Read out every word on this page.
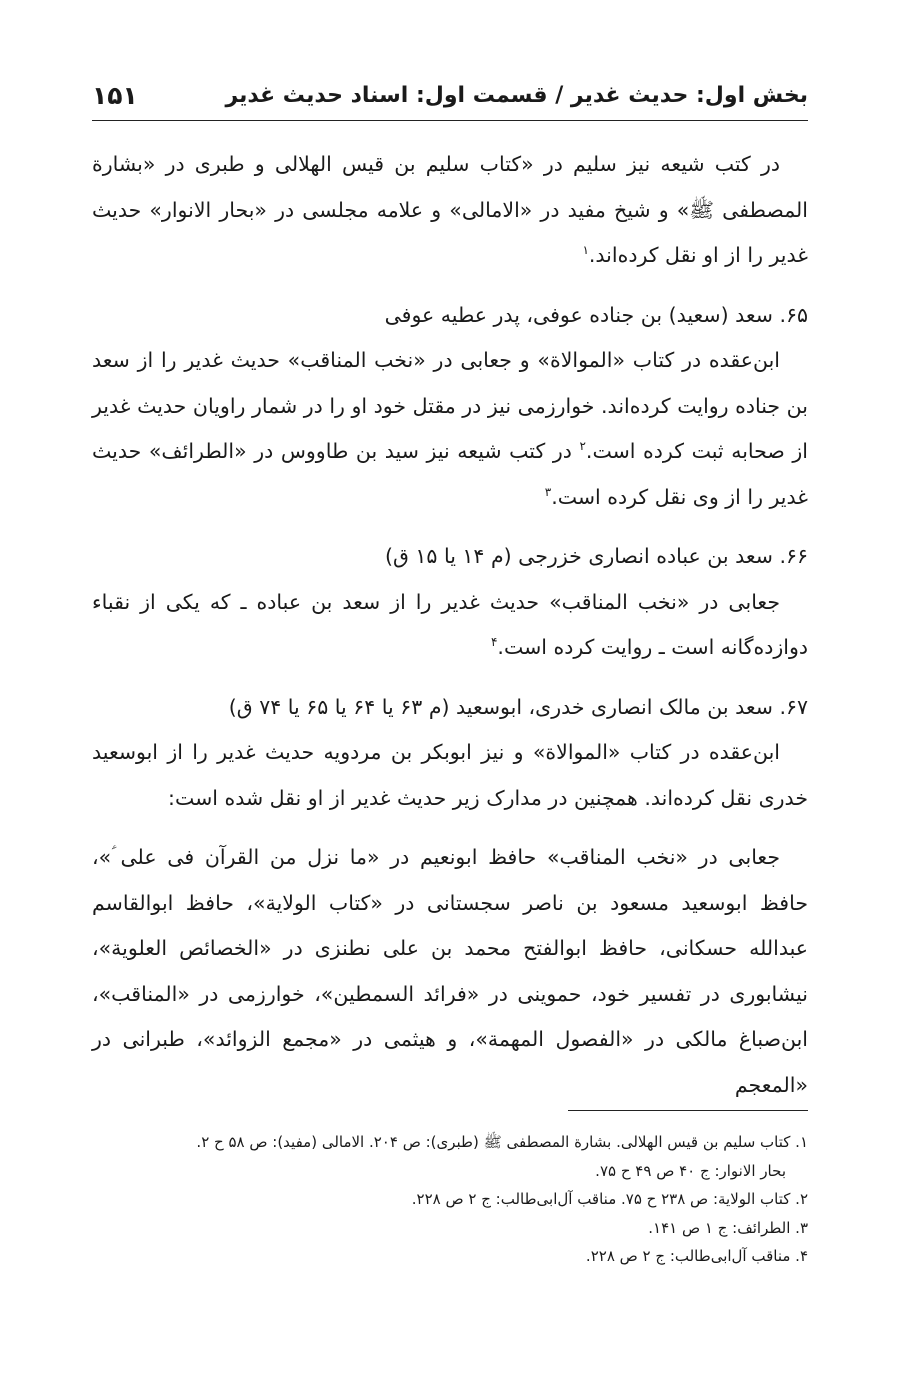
بخش اول: حدیث غدیر / قسمت اول: اسناد حدیث غدیر
۱۵۱

در کتب شیعه نیز سلیم در «کتاب سلیم بن قیس الهلالی و طبری در «بشارة المصطفی ﷺ» و شیخ مفید در «الامالی» و علامه مجلسی در «بحار الانوار» حدیث غدیر را از او نقل کرده‌اند.$^۱$

۶۵. سعد (سعید) بن جناده عوفی، پدر عطیه عوفی

ابن‌عقده در کتاب «الموالاة» و جعابی در «نخب المناقب» حدیث غدیر را از سعد بن جناده روایت کرده‌اند. خوارزمی نیز در مقتل خود او را در شمار راویان حدیث غدیر از صحابه ثبت کرده است.$^۲$ در کتب شیعه نیز سید بن طاووس در «الطرائف» حدیث غدیر را از وی نقل کرده است.$^۳$

۶۶. سعد بن عباده انصاری خزرجی (م ۱۴ یا ۱۵ ق)

جعابی در «نخب المناقب» حدیث غدیر را از سعد بن عباده ـ که یکی از نقباء دوازده‌گانه است ـ روایت کرده است.$^۴$

۶۷. سعد بن مالک انصاری خدری، ابوسعید (م ۶۳ یا ۶۴ یا ۶۵ یا ۷۴ ق)

ابن‌عقده در کتاب «الموالاة» و نیز ابوبکر بن مردویه حدیث غدیر را از ابوسعید خدری نقل کرده‌اند. همچنین در مدارک زیر حدیث غدیر از او نقل شده است:

جعابی در «نخب المناقب» حافظ ابونعیم در «ما نزل من القرآن فی علی ؑ»، حافظ ابوسعید مسعود بن ناصر سجستانی در «کتاب الولایة»، حافظ ابوالقاسم عبدالله حسکانی، حافظ ابوالفتح محمد بن علی نطنزی در «الخصائص العلویة»، نیشابوری در تفسیر خود، حموینی در «فرائد السمطین»، خوارزمی در «المناقب»، ابن‌صباغ مالکی در «الفصول المهمة»، و هیثمی در «مجمع الزوائد»، طبرانی در «المعجم

۱. کتاب سلیم بن قیس الهلالی. بشارة المصطفی ﷺ (طبری): ص ۲۰۴. الامالی (مفید): ص ۵۸ ح ۲.

بحار الانوار: ج ۴۰ ص ۴۹ ح ۷۵.

۲. کتاب الولایة: ص ۲۳۸ ح ۷۵. مناقب آل‌ابی‌طالب: ج ۲ ص ۲۲۸.

۳. الطرائف: ج ۱ ص ۱۴۱.

۴. مناقب آل‌ابی‌طالب: ج ۲ ص ۲۲۸.
